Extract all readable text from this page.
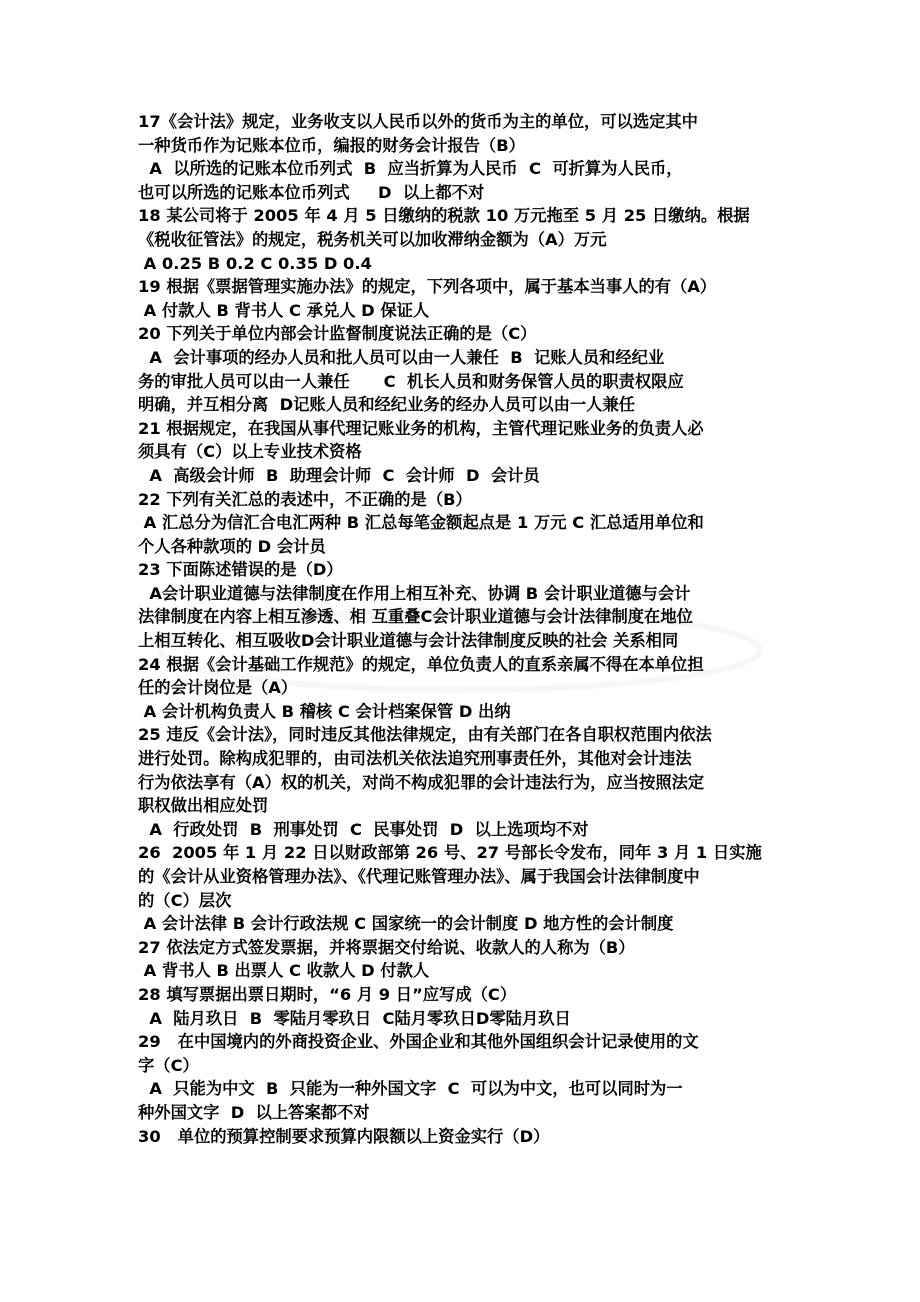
17《会计法》规定，业务收支以人民币以外的货币为主的单位，可以选定其中
一种货币作为记账本位币，编报的财务会计报告（B）
A  以所选的记账本位币列式  B  应当折算为人民币  C  可折算为人民币，
也可以所选的记账本位币列式     D  以上都不对
18 某公司将于 2005 年 4 月 5 日缴纳的税款 10 万元拖至 5 月 25 日缴纳。根据
《税收征管法》的规定，税务机关可以加收滞纳金额为（A）万元
A 0.25 B 0.2 C 0.35 D 0.4
19 根据《票据管理实施办法》的规定，下列各项中，属于基本当事人的有（A）
A 付款人 B 背书人 C 承兑人 D 保证人
20 下列关于单位内部会计监督制度说法正确的是（C）
A  会计事项的经办人员和批人员可以由一人兼任  B  记账人员和经纪业
务的审批人员可以由一人兼任      C  机长人员和财务保管人员的职责权限应
明确，并互相分离  D记账人员和经纪业务的经办人员可以由一人兼任
21 根据规定，在我国从事代理记账业务的机构，主管代理记账业务的负责人必
须具有（C）以上专业技术资格
A  高级会计师  B  助理会计师  C  会计师  D  会计员
22 下列有关汇总的表述中，不正确的是（B）
A 汇总分为信汇合电汇两种 B 汇总每笔金额起点是 1 万元 C 汇总适用单位和
个人各种款项的 D 会计员
23 下面陈述错误的是（D）
A会计职业道德与法律制度在作用上相互补充、协调 B 会计职业道德与会计
法律制度在内容上相互渗透、相 互重叠C会计职业道德与会计法律制度在地位
上相互转化、相互吸收D会计职业道德与会计法律制度反映的社会 关系相同
24 根据《会计基础工作规范》的规定，单位负责人的直系亲属不得在本单位担
任的会计岗位是（A）
A 会计机构负责人 B 稽核 C 会计档案保管 D 出纳
25 违反《会计法》，同时违反其他法律规定，由有关部门在各自职权范围内依法
进行处罚。除构成犯罪的，由司法机关依法追究刑事责任外，其他对会计违法
行为依法享有（A）权的机关，对尚不构成犯罪的会计违法行为，应当按照法定
职权做出相应处罚
A  行政处罚  B  刑事处罚  C  民事处罚  D  以上选项均不对
26  2005 年 1 月 22 日以财政部第 26 号、27 号部长令发布，同年 3 月 1 日实施
的《会计从业资格管理办法》、《代理记账管理办法》、属于我国会计法律制度中
的（C）层次
A 会计法律 B 会计行政法规 C 国家统一的会计制度 D 地方性的会计制度
27 依法定方式签发票据，并将票据交付给说、收款人的人称为（B）
A 背书人 B 出票人 C 收款人 D 付款人
28 填写票据出票日期时，“6 月 9 日”应写成（C）
A  陆月玖日  B  零陆月零玖日  C陆月零玖日D零陆月玖日
29   在中国境内的外商投资企业、外国企业和其他外国组织会计记录使用的文
字（C）
A  只能为中文  B  只能为一种外国文字  C  可以为中文，也可以同时为一
种外国文字  D  以上答案都不对
30   单位的预算控制要求预算内限额以上资金实行（D）
